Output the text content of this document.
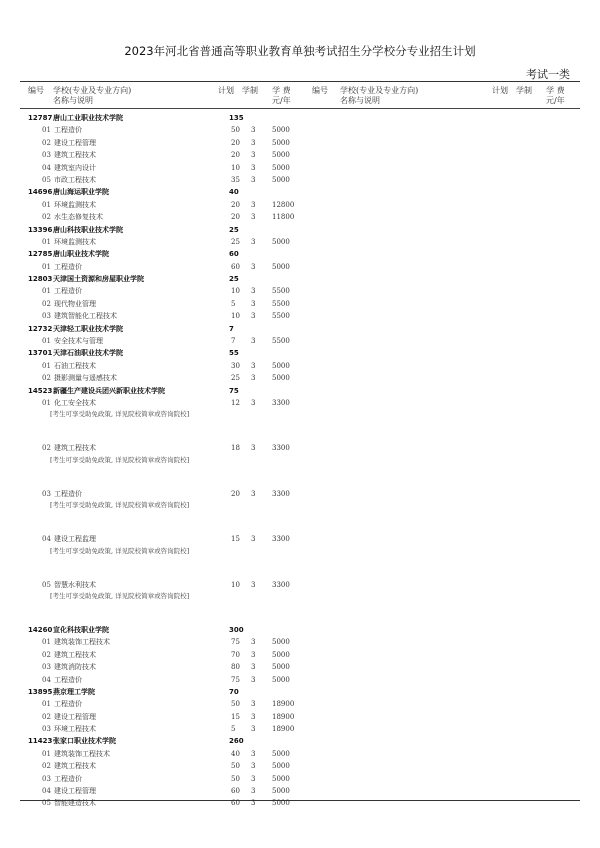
2023年河北省普通高等职业教育单独考试招生分学校分专业招生计划
考试一类
编号 学校(专业及专业方向)
名称与说明
计划 学制 学 费
元/年
编号 学校(专业及专业方向)
名称与说明
计划 学制 学 费
元/年
12787 唐山工业职业技术学院	135
01 工程造价	50 3 5000
02 建设工程管理	20 3 5000
03 建筑工程技术	20 3 5000
04 建筑室内设计	10 3 5000
05 市政工程技术	35 3 5000
14696 唐山海运职业学院	40
01 环境监测技术	20 3 12800
02 水生态修复技术	20 3 11800
13396 唐山科技职业技术学院	25
01 环境监测技术	25 3 5000
12785 唐山职业技术学院	60
01 工程造价	60 3 5000
12803 天津国土资源和房屋职业学院	25
01 工程造价	10 3 5500
02 现代物业管理	5 3 5500
03 建筑智能化工程技术	10 3 5500
12732 天津轻工职业技术学院	7
01 安全技术与管理	7 3 5500
13701 天津石油职业技术学院	55
01 石油工程技术	30 3 5000
02 摄影测量与遥感技术	25 3 5000
14523 新疆生产建设兵团兴新职业技术学院	75
01 化工安全技术	12 3 3300
[考生可享受助免政策, 详见院校简章或咨询院校]
02 建筑工程技术	18 3 3300
[考生可享受助免政策, 详见院校简章或咨询院校]
03 工程造价	20 3 3300
[考生可享受助免政策, 详见院校简章或咨询院校]
04 建设工程监理	15 3 3300
[考生可享受助免政策, 详见院校简章或咨询院校]
05 智慧水利技术	10 3 3300
[考生可享受助免政策, 详见院校简章或咨询院校]
14260 宣化科技职业学院	300
01 建筑装饰工程技术	75 3 5000
02 建筑工程技术	70 3 5000
03 建筑消防技术	80 3 5000
04 工程造价	75 3 5000
13895 燕京理工学院	70
01 工程造价	50 3 18900
02 建设工程管理	15 3 18900
03 环境工程技术	5 3 18900
11423 张家口职业技术学院	260
01 建筑装饰工程技术	40 3 5000
02 建筑工程技术	50 3 5000
03 工程造价	50 3 5000
04 建设工程管理	60 3 5000
05 智能建造技术	60 3 5000
